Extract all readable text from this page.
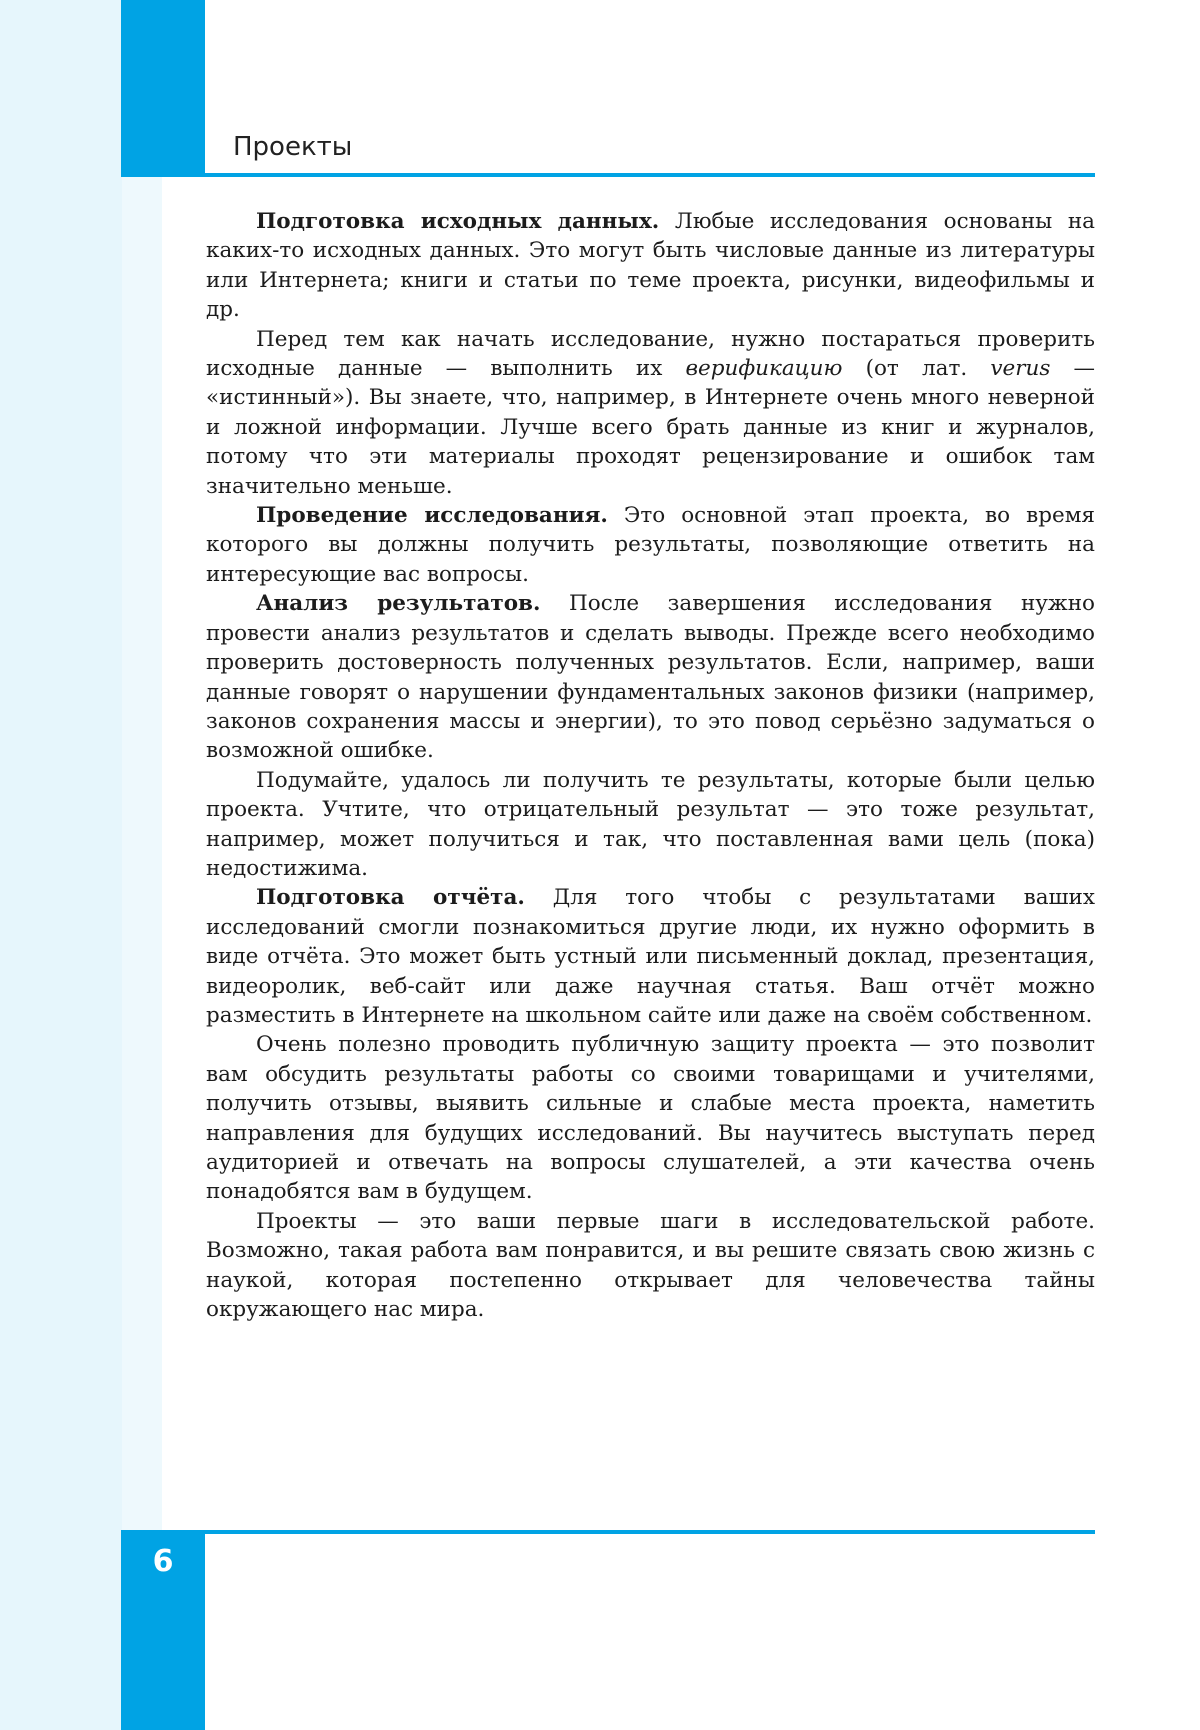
Проекты

Подготовка исходных данных. Любые исследования основаны на каких-то исходных данных. Это могут быть числовые данные из литературы или Интернета; книги и статьи по теме проекта, рисунки, видеофильмы и др.

Перед тем как начать исследование, нужно постараться проверить исходные данные — выполнить их верификацию (от лат. verus — «истинный»). Вы знаете, что, например, в Интернете очень много неверной и ложной информации. Лучше всего брать данные из книг и журналов, потому что эти материалы проходят рецензирование и ошибок там значительно меньше.

Проведение исследования. Это основной этап проекта, во время которого вы должны получить результаты, позволяющие ответить на интересующие вас вопросы.

Анализ результатов. После завершения исследования нужно провести анализ результатов и сделать выводы. Прежде всего необходимо проверить достоверность полученных результатов. Если, например, ваши данные говорят о нарушении фундаментальных законов физики (например, законов сохранения массы и энергии), то это повод серьёзно задуматься о возможной ошибке.

Подумайте, удалось ли получить те результаты, которые были целью проекта. Учтите, что отрицательный результат — это тоже результат, например, может получиться и так, что поставленная вами цель (пока) недостижима.

Подготовка отчёта. Для того чтобы с результатами ваших исследований смогли познакомиться другие люди, их нужно оформить в виде отчёта. Это может быть устный или письменный доклад, презентация, видеоролик, веб-сайт или даже научная статья. Ваш отчёт можно разместить в Интернете на школьном сайте или даже на своём собственном.

Очень полезно проводить публичную защиту проекта — это позволит вам обсудить результаты работы со своими товарищами и учителями, получить отзывы, выявить сильные и слабые места проекта, наметить направления для будущих исследований. Вы научитесь выступать перед аудиторией и отвечать на вопросы слушателей, а эти качества очень понадобятся вам в будущем.

Проекты — это ваши первые шаги в исследовательской работе. Возможно, такая работа вам понравится, и вы решите связать свою жизнь с наукой, которая постепенно открывает для человечества тайны окружающего нас мира.

6
